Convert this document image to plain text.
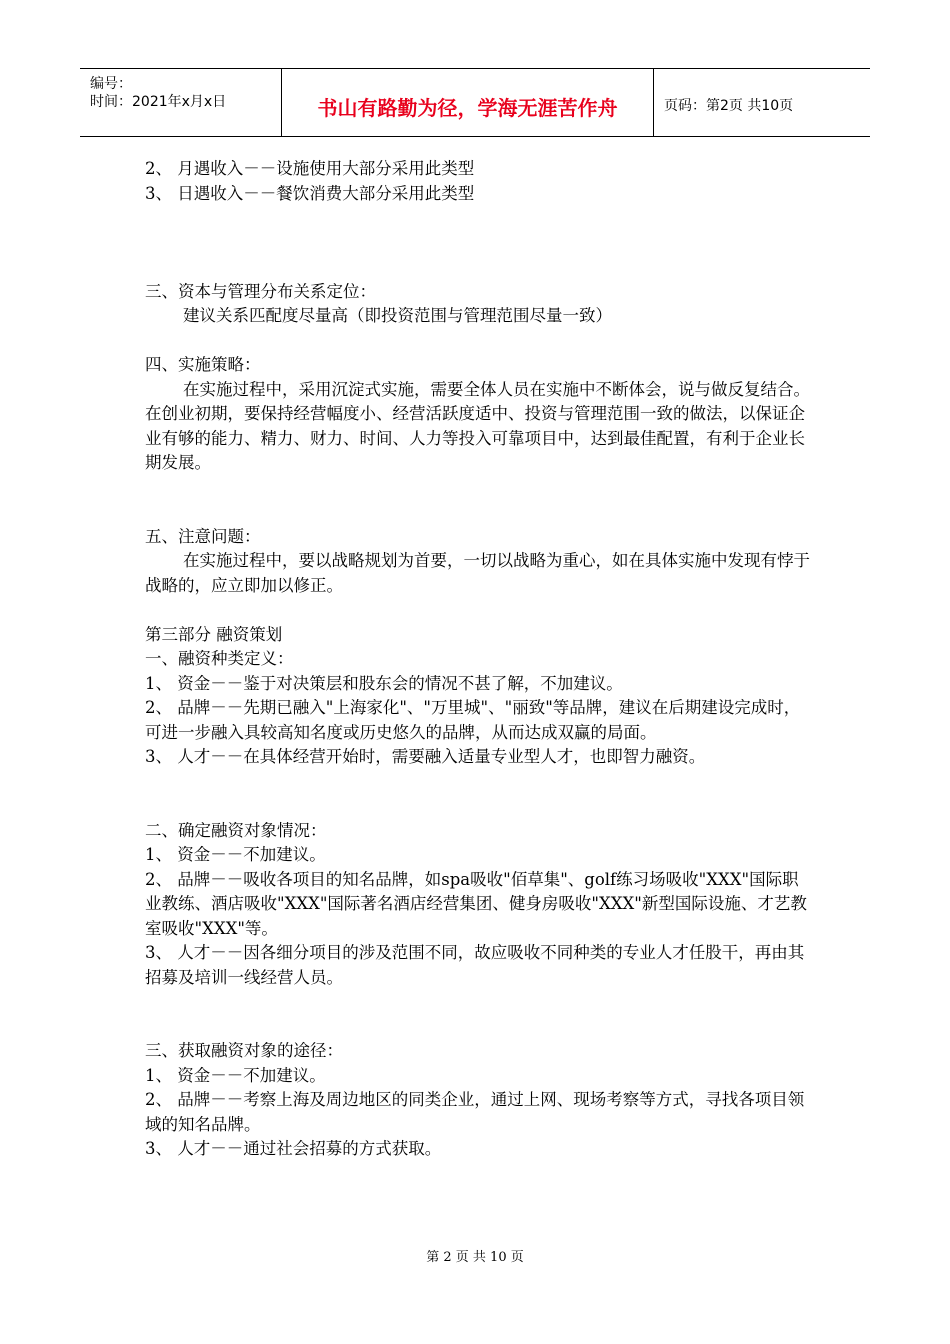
编号：
时间：2021年x月x日	书山有路勤为径，学海无涯苦作舟	页码：第2页 共10页

2、 月遇收入－－设施使用大部分采用此类型

3、 日遇收入－－餐饮消费大部分采用此类型

三、资本与管理分布关系定位：

建议关系匹配度尽量高（即投资范围与管理范围尽量一致）

四、实施策略：

在实施过程中，采用沉淀式实施，需要全体人员在实施中不断体会，说与做反复结合。在创业初期，要保持经营幅度小、经营活跃度适中、投资与管理范围一致的做法，以保证企业有够的能力、精力、财力、时间、人力等投入可靠项目中，达到最佳配置，有利于企业长期发展。

五、注意问题：

在实施过程中，要以战略规划为首要，一切以战略为重心，如在具体实施中发现有悖于战略的，应立即加以修正。

第三部分 融资策划

一、融资种类定义：

1、 资金－－鉴于对决策层和股东会的情况不甚了解，不加建议。

2、 品牌－－先期已融入"上海家化"、"万里城"、"丽致"等品牌，建议在后期建设完成时，可进一步融入具较高知名度或历史悠久的品牌，从而达成双赢的局面。

3、 人才－－在具体经营开始时，需要融入适量专业型人才，也即智力融资。

二、确定融资对象情况：

1、 资金－－不加建议。

2、 品牌－－吸收各项目的知名品牌，如spa吸收"佰草集"、golf练习场吸收"XXX"国际职业教练、酒店吸收"XXX"国际著名酒店经营集团、健身房吸收"XXX"新型国际设施、才艺教室吸收"XXX"等。

3、 人才－－因各细分项目的涉及范围不同，故应吸收不同种类的专业人才任股干，再由其招募及培训一线经营人员。

三、获取融资对象的途径：

1、 资金－－不加建议。

2、 品牌－－考察上海及周边地区的同类企业，通过上网、现场考察等方式，寻找各项目领域的知名品牌。

3、 人才－－通过社会招募的方式获取。

第 2 页 共 10 页
